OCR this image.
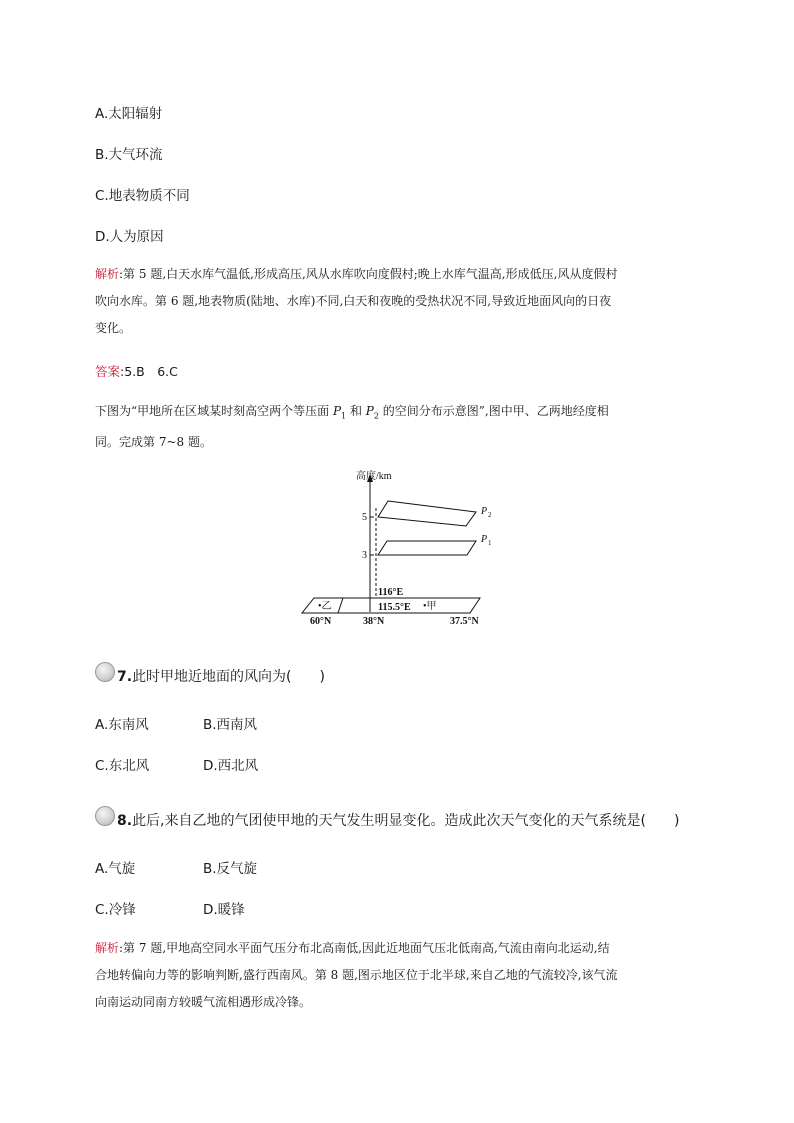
A.太阳辐射
B.大气环流
C.地表物质不同
D.人为原因
解析:第 5 题,白天水库气温低,形成高压,风从水库吹向度假村;晚上水库气温高,形成低压,风从度假村
吹向水库。第 6 题,地表物质(陆地、水库)不同,白天和夜晚的受热状况不同,导致近地面风向的日夜
变化。
答案:5.B　6.C
下图为“甲地所在区域某时刻高空两个等压面 $P_1$ 和 $P_2$ 的空间分布示意图”,图中甲、乙两地经度相
同。完成第 7~8 题。
高度/km
5
3
P 2
P 1
116°E
•乙	115.5°E •甲
60°N	38°N	37.5°N
7.此时甲地近地面的风向为(　　)
A.东南风	B.西南风
C.东北风	D.西北风
8.此后,来自乙地的气团使甲地的天气发生明显变化。造成此次天气变化的天气系统是(　　)
A.气旋	B.反气旋
C.冷锋	D.暖锋
解析:第 7 题,甲地高空同水平面气压分布北高南低,因此近地面气压北低南高,气流由南向北运动,结
合地转偏向力等的影响判断,盛行西南风。第 8 题,图示地区位于北半球,来自乙地的气流较冷,该气流
向南运动同南方较暖气流相遇形成冷锋。
